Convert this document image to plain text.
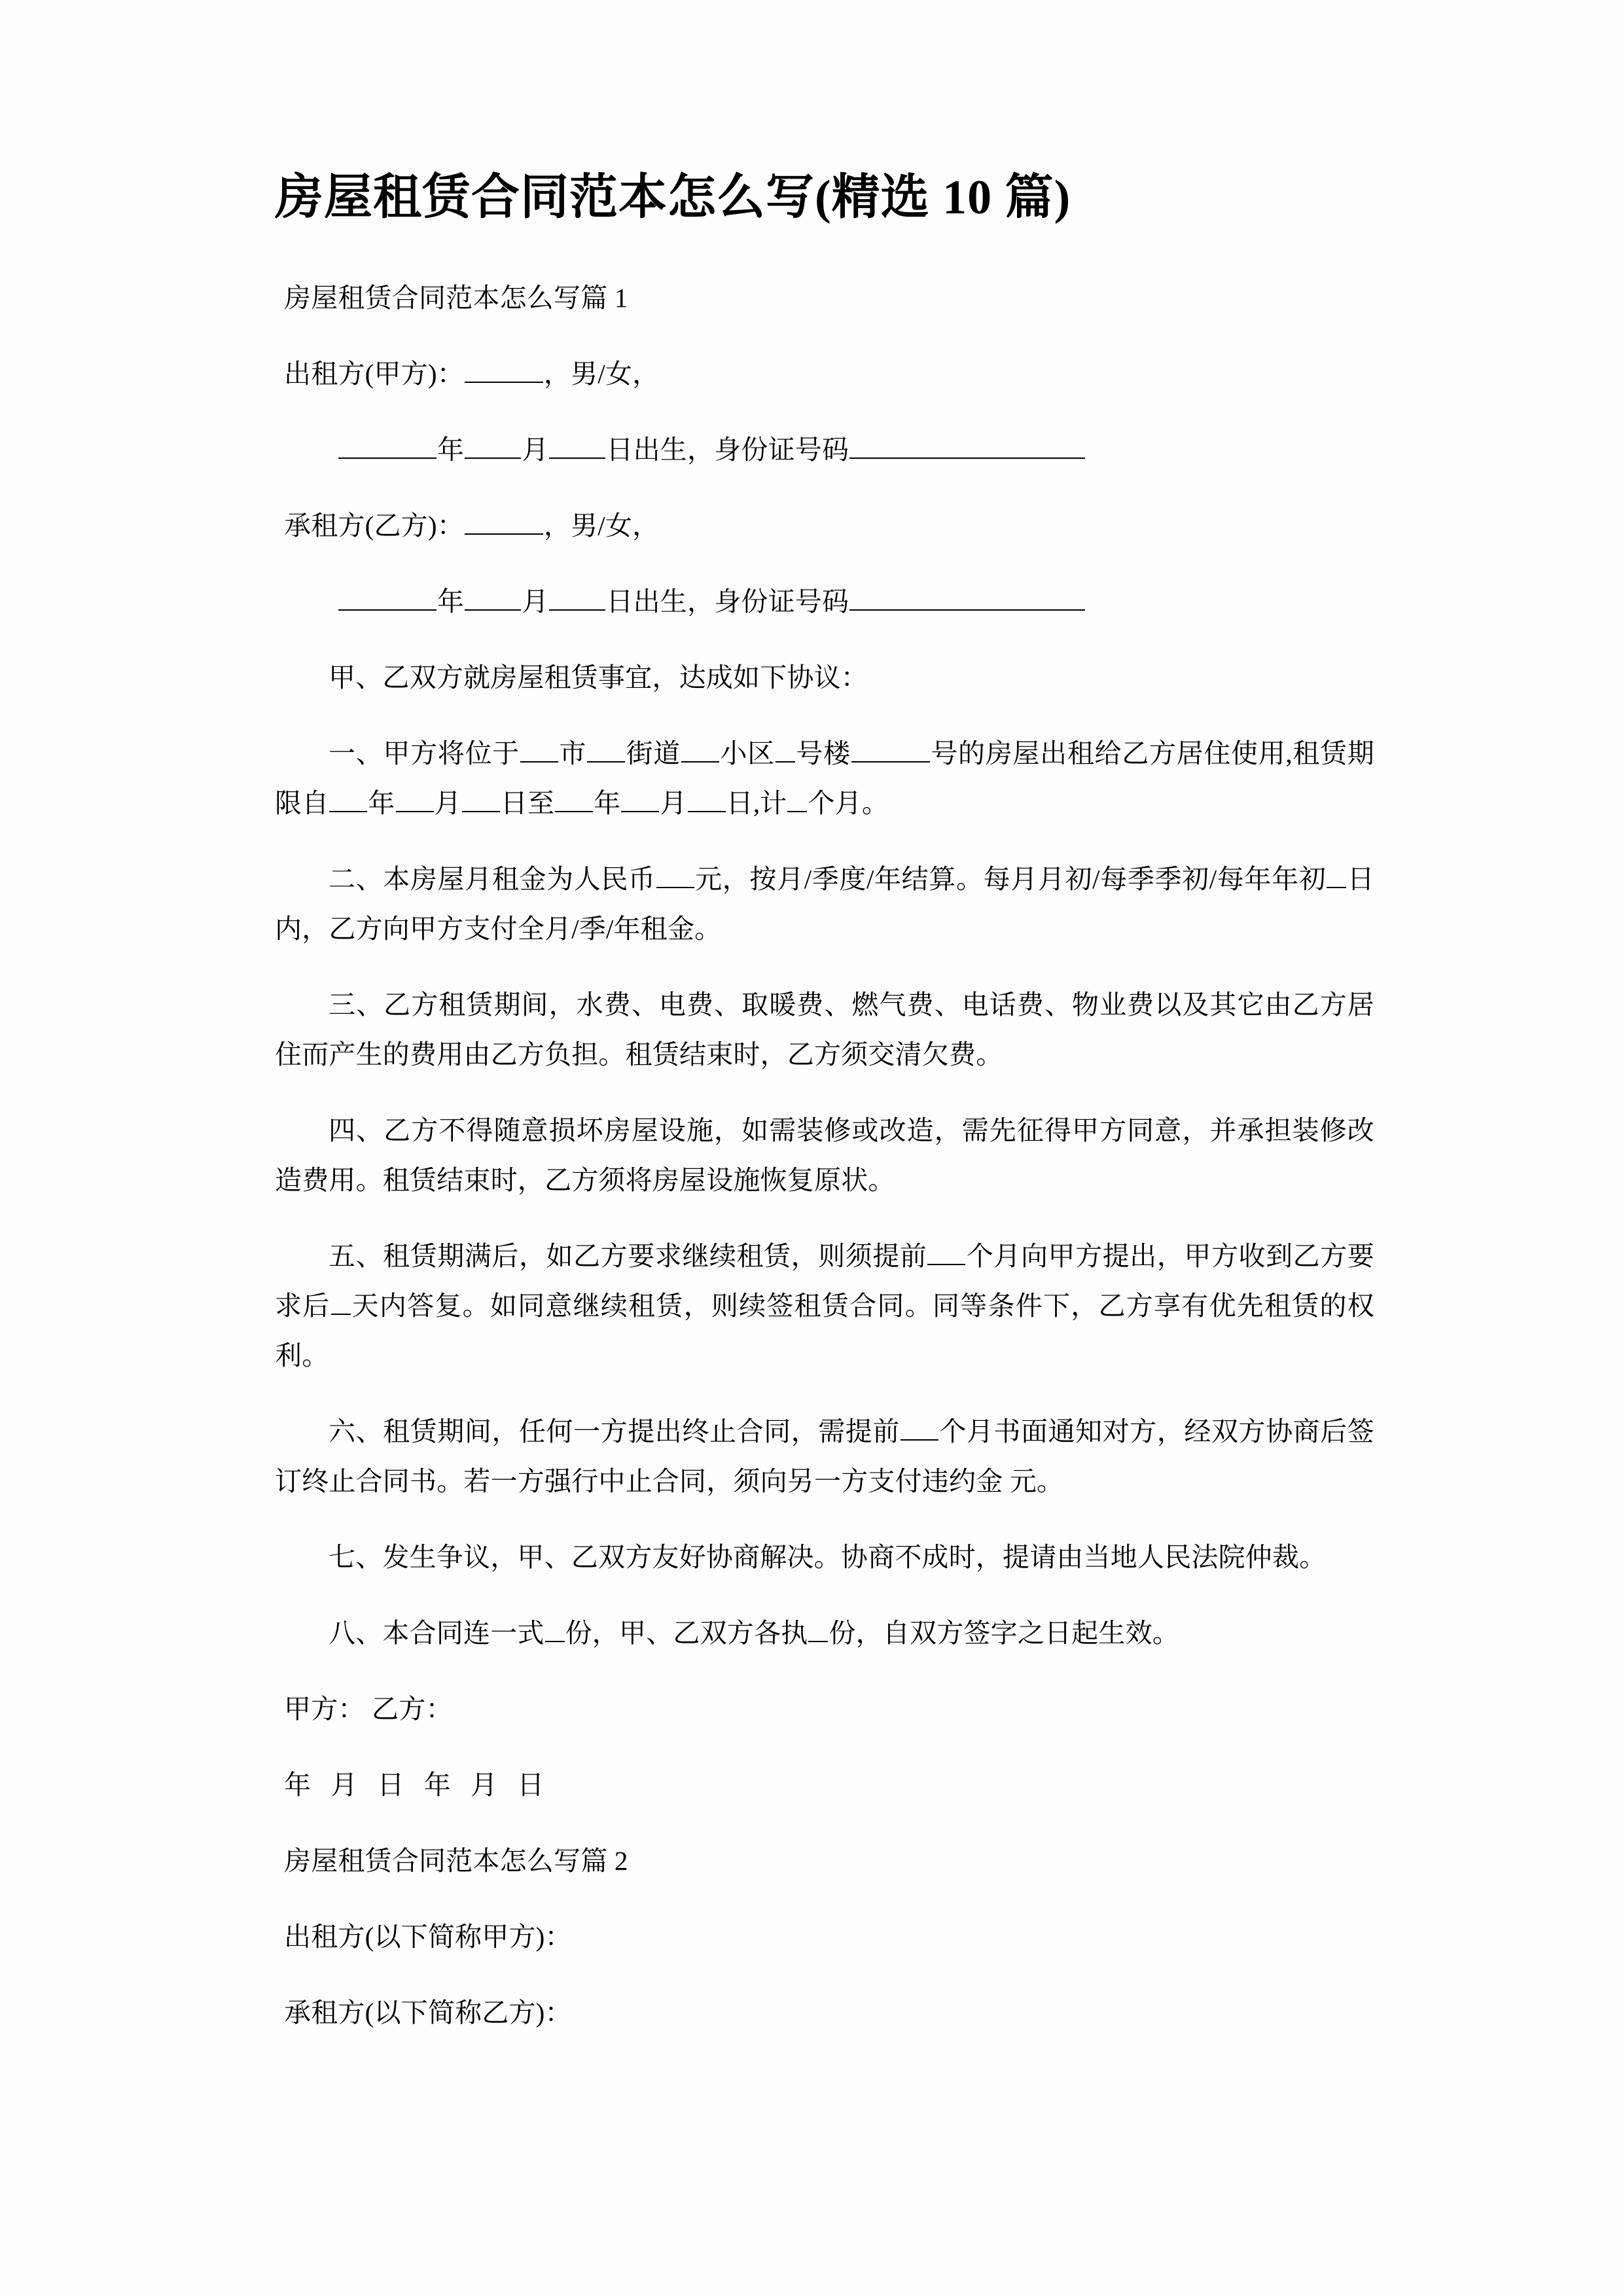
房屋租赁合同范本怎么写(精选 10 篇)

房屋租赁合同范本怎么写篇 1

出租方(甲方)：	，男/女，

年 月 日出生，身份证号码

承租方(乙方)：	，男/女，

年 月 日出生，身份证号码

甲、乙双方就房屋租赁事宜，达成如下协议：

一、甲方将位于 市 街道 小区 号楼	号的房屋出租给乙方居住使用,租赁期限自 年 月 日至 年 月 日,计 个月。

二、本房屋月租金为人民币 元，按月/季度/年结算。每月月初/每季季初/每年年初 日内，乙方向甲方支付全月/季/年租金。

三、乙方租赁期间，水费、电费、取暖费、燃气费、电话费、物业费以及其它由乙方居住而产生的费用由乙方负担。租赁结束时，乙方须交清欠费。

四、乙方不得随意损坏房屋设施，如需装修或改造，需先征得甲方同意，并承担装修改造费用。租赁结束时，乙方须将房屋设施恢复原状。

五、租赁期满后，如乙方要求继续租赁，则须提前 个月向甲方提出，甲方收到乙方要求后 天内答复。如同意继续租赁，则续签租赁合同。同等条件下，乙方享有优先租赁的权利。

六、租赁期间，任何一方提出终止合同，需提前 个月书面通知对方，经双方协商后签订终止合同书。若一方强行中止合同，须向另一方支付违约金 元。

七、发生争议，甲、乙双方友好协商解决。协商不成时，提请由当地人民法院仲裁。

八、本合同连一式 份，甲、乙双方各执 份，自双方签字之日起生效。

甲方： 乙方：

年 月 日 年 月 日

房屋租赁合同范本怎么写篇 2

出租方(以下简称甲方)：

承租方(以下简称乙方)：
